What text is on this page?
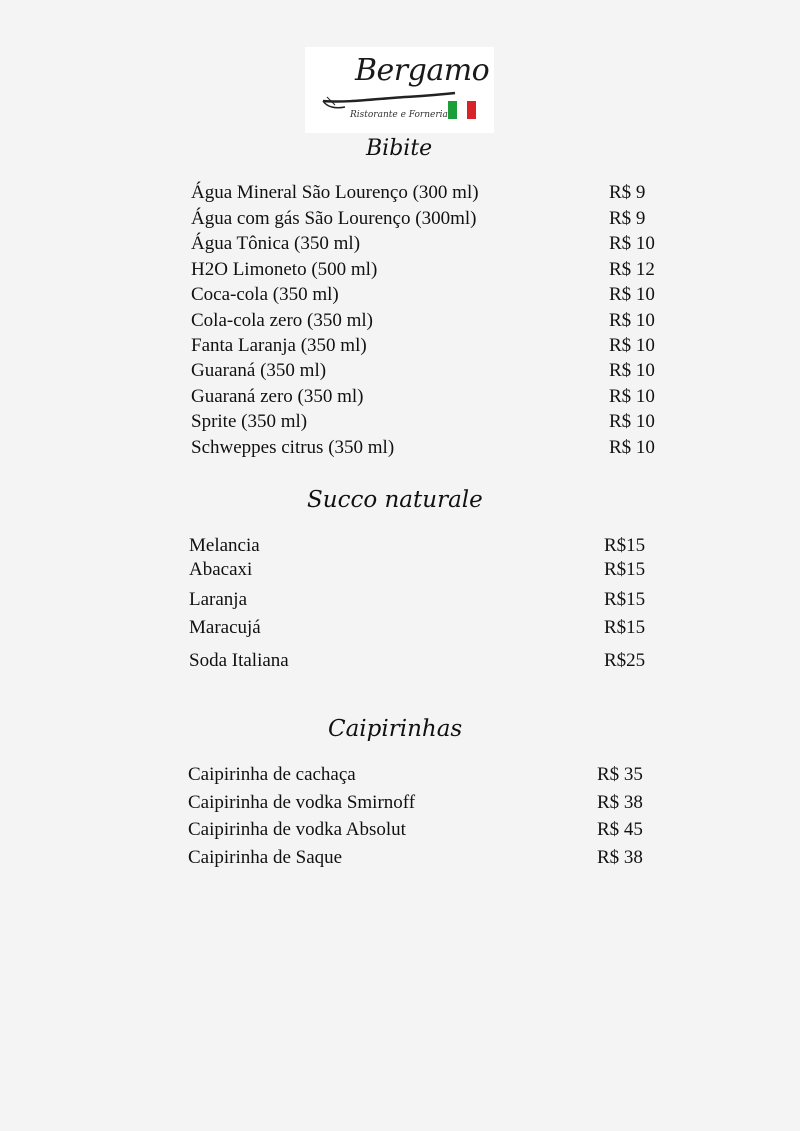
Bergamo
Ristorante e Forneria
Bibite
Água Mineral São Lourenço (300 ml)	R$ 9
Água com gás São Lourenço (300ml)	R$ 9
Água Tônica (350 ml)	R$ 10
H2O Limoneto (500 ml)	R$ 12
Coca-cola (350 ml)	R$ 10
Cola-cola zero (350 ml)	R$ 10
Fanta Laranja (350 ml)	R$ 10
Guaraná (350 ml)	R$ 10
Guaraná zero (350 ml)	R$ 10
Sprite (350 ml)	R$ 10
Schweppes citrus (350 ml)	R$ 10
Succo naturale
Melancia	R$15
Abacaxi	R$15
Laranja	R$15
Maracujá	R$15
Soda Italiana	R$25
Caipirinhas
Caipirinha de cachaça	R$ 35
Caipirinha de vodka Smirnoff	R$ 38
Caipirinha de vodka Absolut	R$ 45
Caipirinha de Saque	R$ 38
